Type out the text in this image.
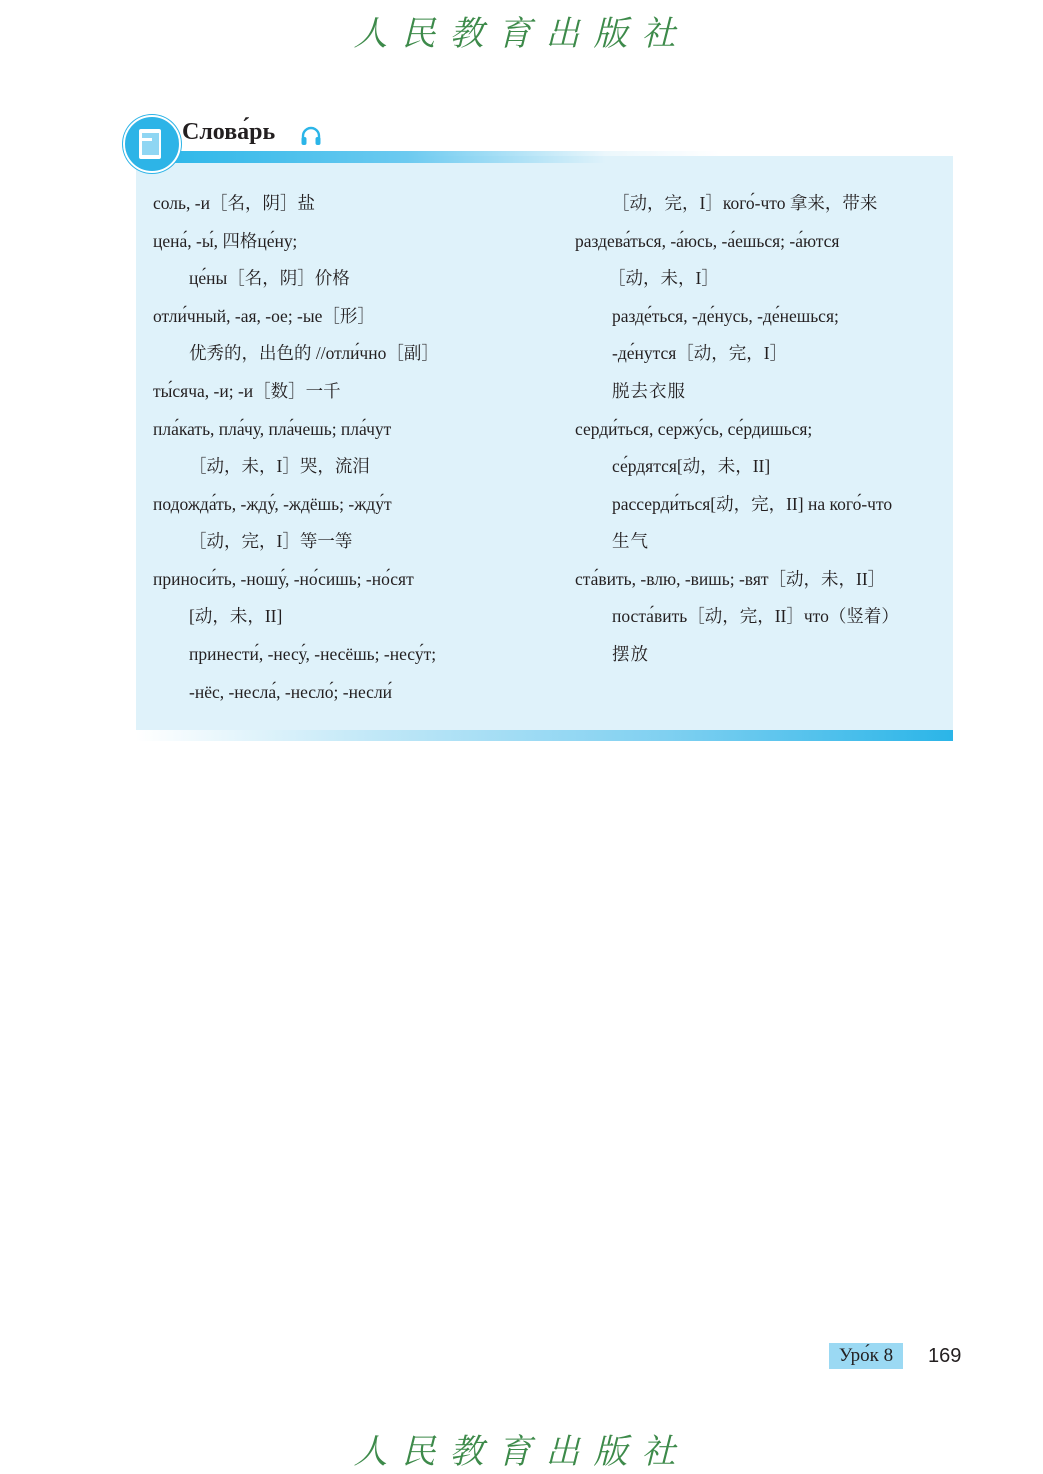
人民教育出版社
Слова́рь
соль, -и［名，阴］盐
цена́, -ы́, 四格це́ну;
це́ны［名，阴］价格
отли́чный, -ая, -ое; -ые［形］
优秀的，出色的 //отли́чно［副］
ты́сяча, -и; -и［数］一千
пла́кать, пла́чу, пла́чешь; пла́чут
［动，未，I］哭，流泪
подожда́ть, -жду́, -ждёшь; -жду́т
［动，完，I］等一等
приноси́ть, -ношу́, -но́сишь; -но́сят
[动，未，II]
принести́, -несу́, -несёшь; -несу́т;
-нёс, -несла́, -несло́; -несли́
［动，完，I］кого́-что 拿来，带来
раздева́ться, -а́юсь, -а́ешься; -а́ются
［动，未，I］
разде́ться, -де́нусь, -де́нешься;
-де́нутся［动，完，I］
脱去衣服
серди́ться, сержу́сь, се́рдишься;
се́рдятся[动，未，II]
рассерди́ться[动，完，II] на кого́-что
生气
ста́вить, -влю, -вишь; -вят［动，未，II］
поста́вить［动，完，II］что（竖着）
摆放
Уро́к 8	169
人民教育出版社
